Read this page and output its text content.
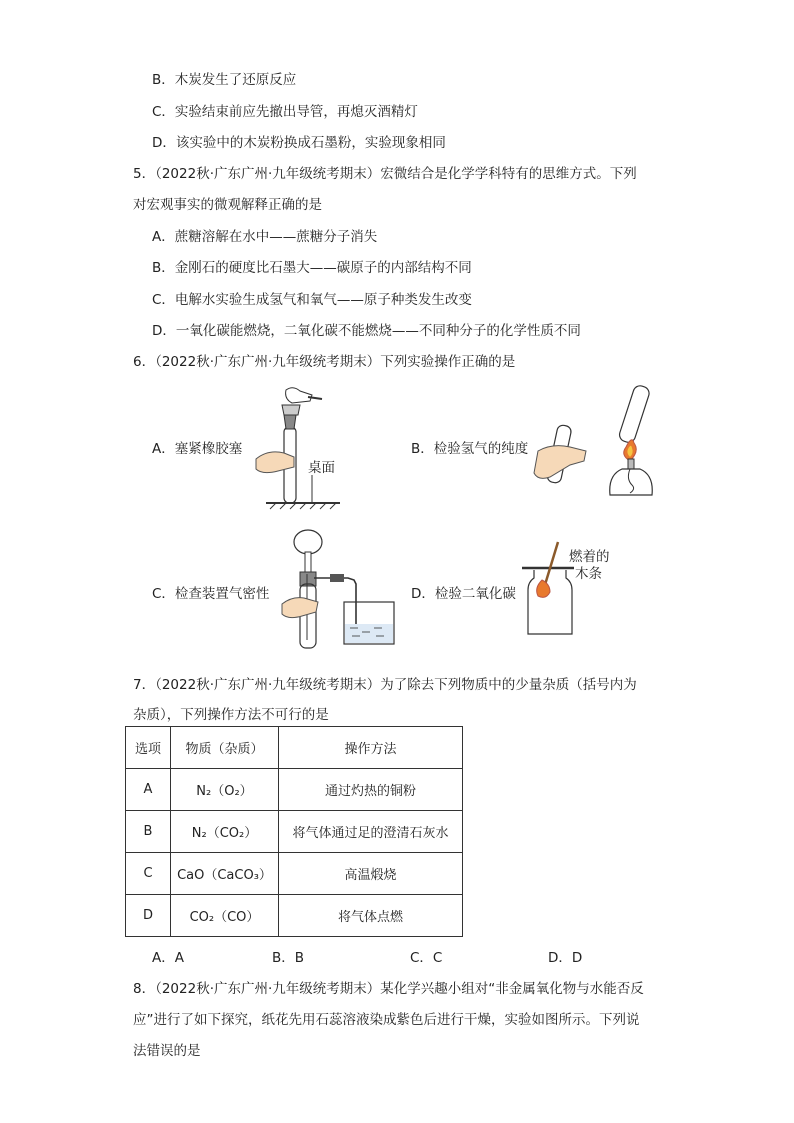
B．木炭发生了还原反应
C．实验结束前应先撤出导管，再熄灭酒精灯
D．该实验中的木炭粉换成石墨粉，实验现象相同
5．（2022秋·广东广州·九年级统考期末）宏微结合是化学学科特有的思维方式。下列
对宏观事实的微观解释正确的是
A．蔗糖溶解在水中——蔗糖分子消失
B．金刚石的硬度比石墨大——碳原子的内部结构不同
C．电解水实验生成氢气和氧气——原子种类发生改变
D．一氧化碳能燃烧，二氧化碳不能燃烧——不同种分子的化学性质不同
6．（2022秋·广东广州·九年级统考期末）下列实验操作正确的是
A．塞紧橡胶塞
桌面
B．检验氢气的纯度
C．检查装置气密性	D．检验二氧化碳
燃着的
木条
7．（2022秋·广东广州·九年级统考期末）为了除去下列物质中的少量杂质（括号内为
杂质），下列操作方法不可行的是
选项	物质（杂质）	操作方法
A	N₂（O₂）	通过灼热的铜粉
B	N₂（CO₂）	将气体通过足的澄清石灰水
C	CaO（CaCO₃）	高温煅烧
D	CO₂（CO）	将气体点燃
A．A	B．B	C．C	D．D
8．（2022秋·广东广州·九年级统考期末）某化学兴趣小组对“非金属氧化物与水能否反
应”进行了如下探究，纸花先用石蕊溶液染成紫色后进行干燥，实验如图所示。下列说
法错误的是
